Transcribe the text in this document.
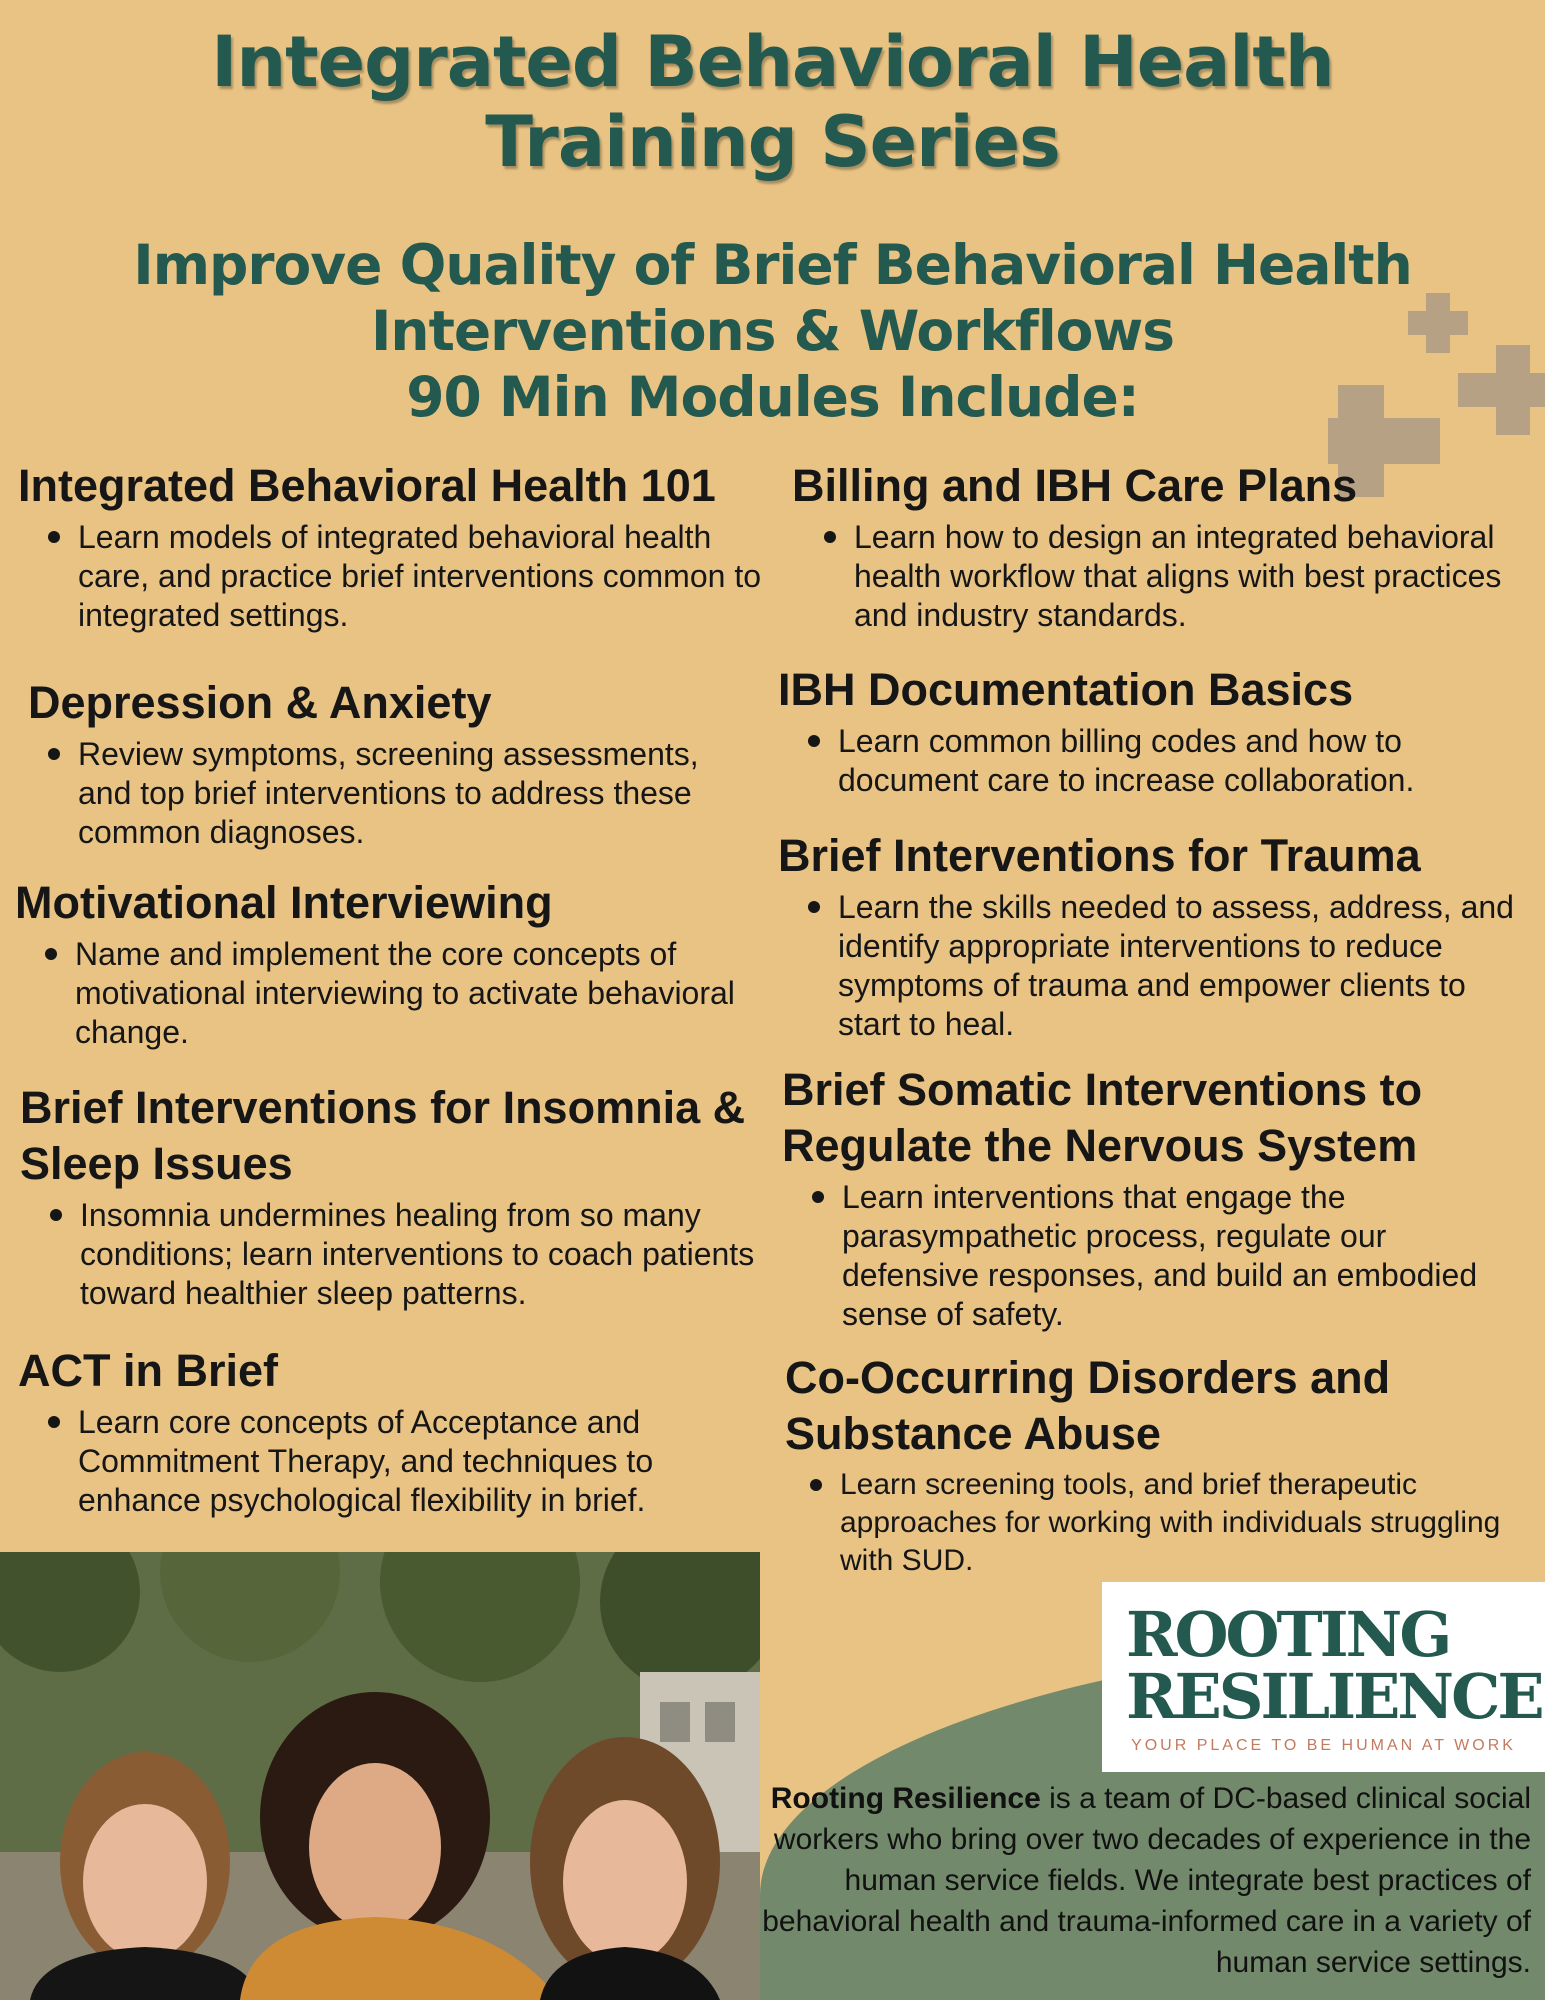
Integrated Behavioral Health
Training Series
Improve Quality of Brief Behavioral Health
Interventions & Workflows
90 Min Modules Include:
Integrated Behavioral Health 101
Learn models of integrated behavioral health care, and practice brief interventions common to integrated settings.
Depression & Anxiety
Review symptoms, screening assessments, and top brief interventions to address these common diagnoses.
Motivational Interviewing
Name and implement the core concepts of motivational interviewing to activate behavioral change.
Brief Interventions for Insomnia & Sleep Issues
Insomnia undermines healing from so many conditions; learn interventions to coach patients toward healthier sleep patterns.
ACT in Brief
Learn core concepts of Acceptance and Commitment Therapy, and techniques to enhance psychological flexibility in brief.
Billing and IBH Care Plans
Learn how to design an integrated behavioral health workflow that aligns with best practices and industry standards.
IBH Documentation Basics
Learn common billing codes and how to document care to increase collaboration.
Brief Interventions for Trauma
Learn the skills needed to assess, address, and identify appropriate interventions to reduce symptoms of trauma and empower clients to start to heal.
Brief Somatic Interventions to Regulate the Nervous System
Learn interventions that engage the parasympathetic process, regulate our defensive responses, and build an embodied sense of safety.
Co-Occurring Disorders and Substance Abuse
Learn screening tools, and brief therapeutic approaches for working with individuals struggling with SUD.

ROOTING

RESILIENCE

YOUR PLACE TO BE HUMAN AT WORK

Rooting Resilience is a team of DC-based clinical social workers who bring over two decades of experience in the human service fields. We integrate best practices of behavioral health and trauma-informed care in a variety of human service settings.
